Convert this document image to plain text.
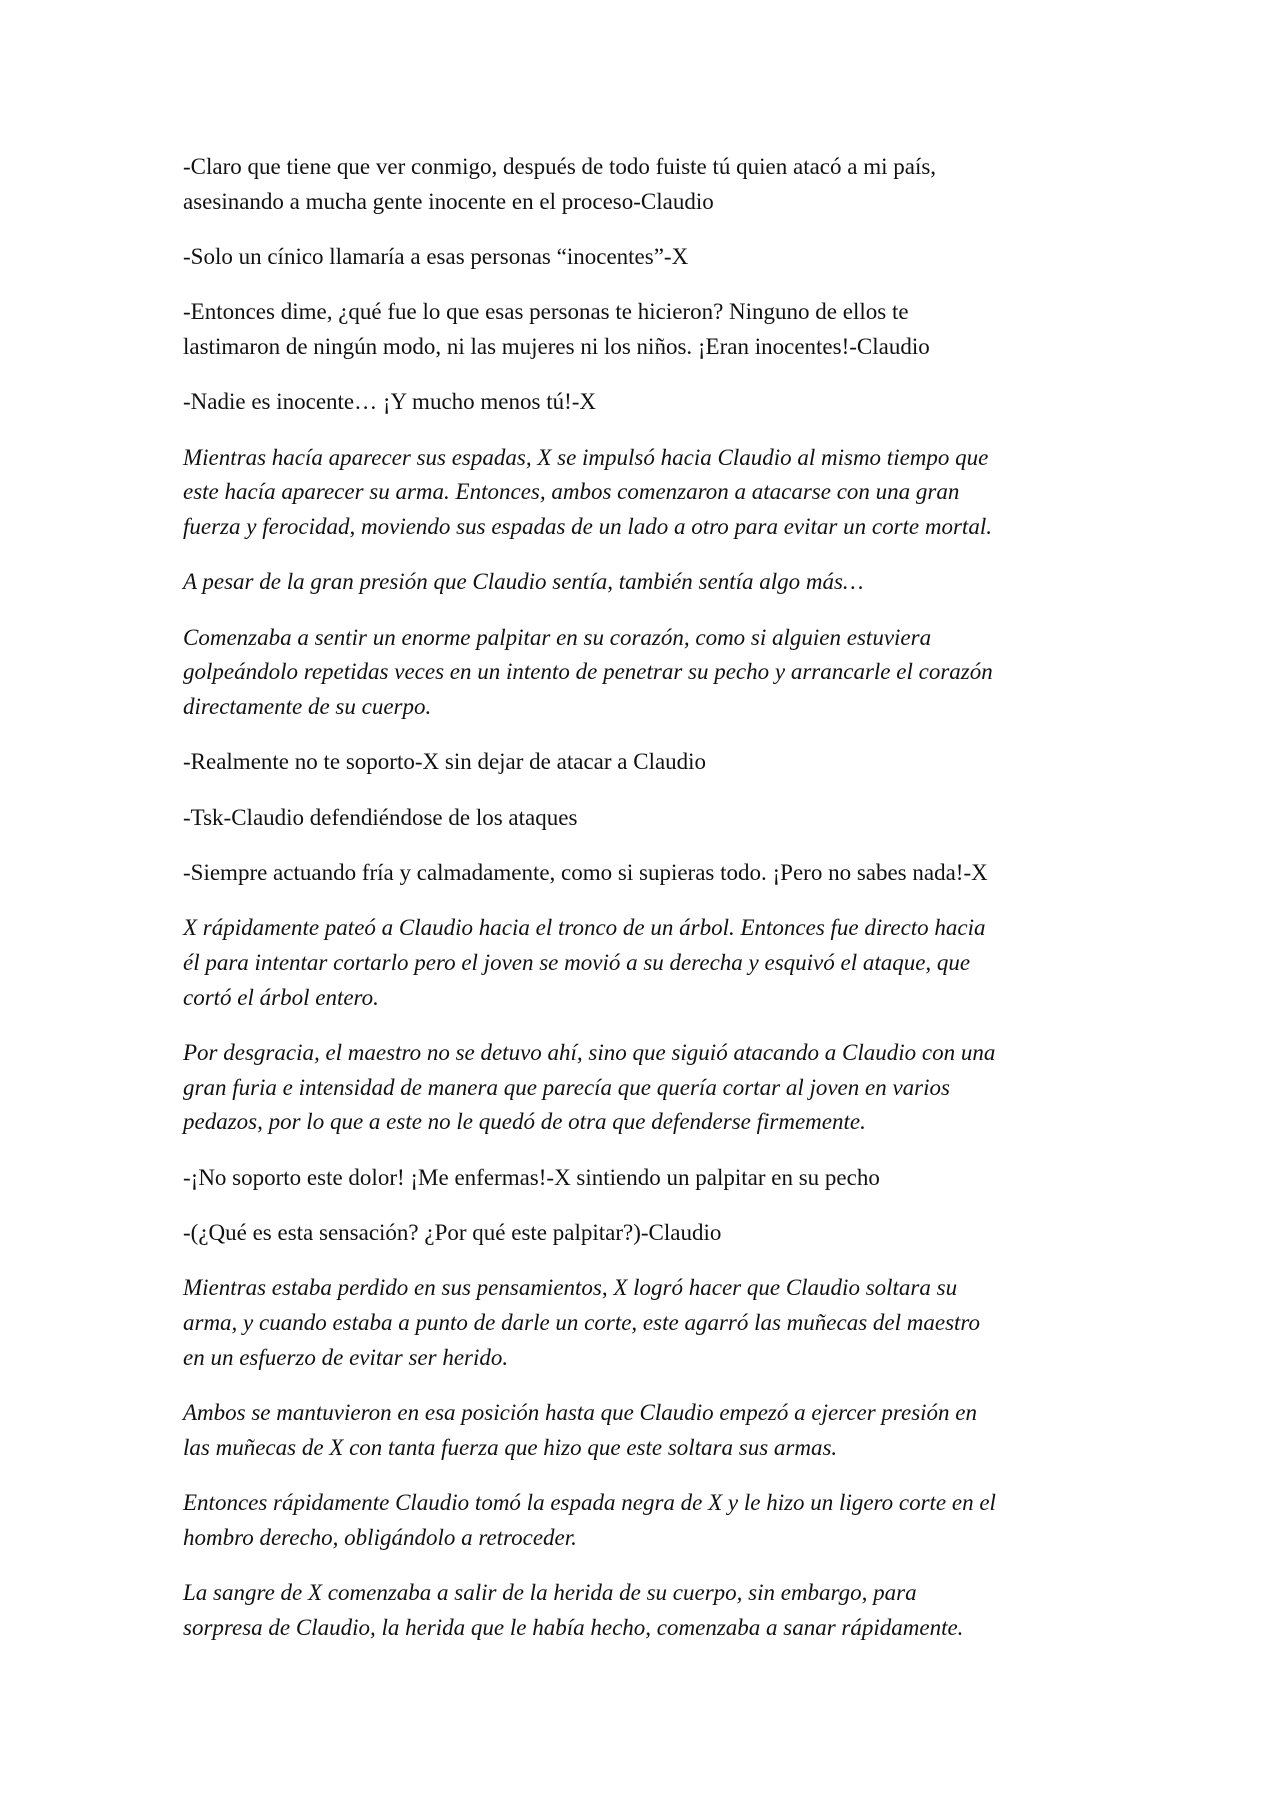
-Claro que tiene que ver conmigo, después de todo fuiste tú quien atacó a mi país,
asesinando a mucha gente inocente en el proceso-Claudio

-Solo un cínico llamaría a esas personas “inocentes”-X

-Entonces dime, ¿qué fue lo que esas personas te hicieron? Ninguno de ellos te
lastimaron de ningún modo, ni las mujeres ni los niños. ¡Eran inocentes!-Claudio

-Nadie es inocente… ¡Y mucho menos tú!-X

Mientras hacía aparecer sus espadas, X se impulsó hacia Claudio al mismo tiempo que
este hacía aparecer su arma. Entonces, ambos comenzaron a atacarse con una gran
fuerza y ferocidad, moviendo sus espadas de un lado a otro para evitar un corte mortal.

A pesar de la gran presión que Claudio sentía, también sentía algo más…

Comenzaba a sentir un enorme palpitar en su corazón, como si alguien estuviera
golpeándolo repetidas veces en un intento de penetrar su pecho y arrancarle el corazón
directamente de su cuerpo.

-Realmente no te soporto-X sin dejar de atacar a Claudio

-Tsk-Claudio defendiéndose de los ataques

-Siempre actuando fría y calmadamente, como si supieras todo. ¡Pero no sabes nada!-X

X rápidamente pateó a Claudio hacia el tronco de un árbol. Entonces fue directo hacia
él para intentar cortarlo pero el joven se movió a su derecha y esquivó el ataque, que
cortó el árbol entero.

Por desgracia, el maestro no se detuvo ahí, sino que siguió atacando a Claudio con una
gran furia e intensidad de manera que parecía que quería cortar al joven en varios
pedazos, por lo que a este no le quedó de otra que defenderse firmemente.

-¡No soporto este dolor! ¡Me enfermas!-X sintiendo un palpitar en su pecho

-(¿Qué es esta sensación? ¿Por qué este palpitar?)-Claudio

Mientras estaba perdido en sus pensamientos, X logró hacer que Claudio soltara su
arma, y cuando estaba a punto de darle un corte, este agarró las muñecas del maestro
en un esfuerzo de evitar ser herido.

Ambos se mantuvieron en esa posición hasta que Claudio empezó a ejercer presión en
las muñecas de X con tanta fuerza que hizo que este soltara sus armas.

Entonces rápidamente Claudio tomó la espada negra de X y le hizo un ligero corte en el
hombro derecho, obligándolo a retroceder.

La sangre de X comenzaba a salir de la herida de su cuerpo, sin embargo, para
sorpresa de Claudio, la herida que le había hecho, comenzaba a sanar rápidamente.
